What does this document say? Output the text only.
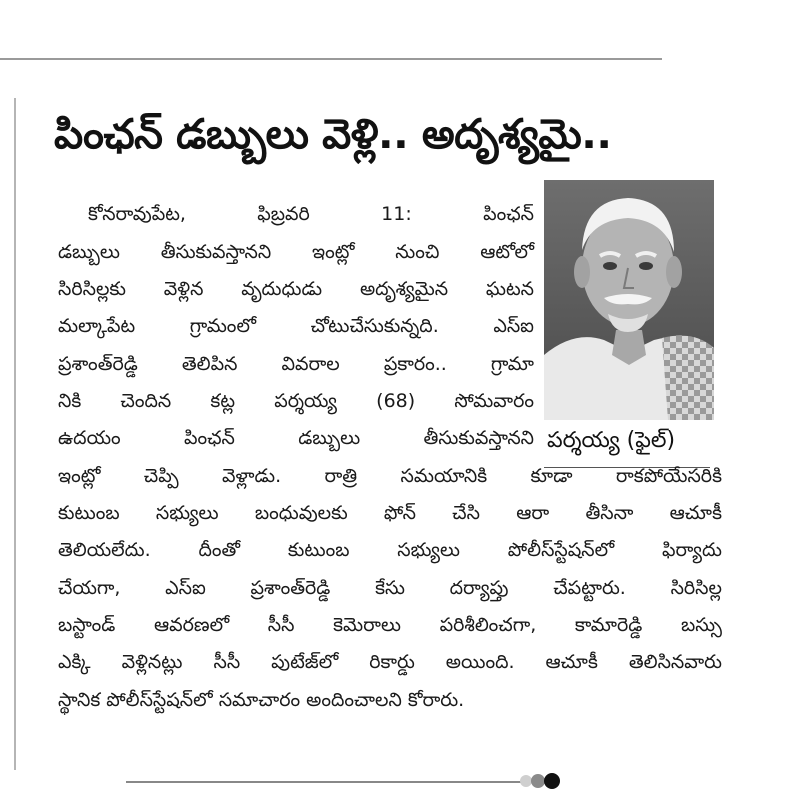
పింఛన్ డబ్బులు వెళ్లి.. అదృశ్యమై..
పర్శయ్య (ఫైల్)
కోనరావుపేట, ఫిబ్రవరి 11: పింఛన్
డబ్బులు తీసుకువస్తానని ఇంట్లో నుంచి ఆటోలో
సిరిసిల్లకు వెళ్లిన వృదుధుడు అదృశ్యమైన ఘటన
మల్కాపేట గ్రామంలో చోటుచేసుకున్నది. ఎస్ఐ
ప్రశాంత్‌రెడ్డి తెలిపిన వివరాల ప్రకారం.. గ్రామా
నికి చెందిన కట్ల పర్శయ్య (68) సోమవారం
ఉదయం పింఛన్ డబ్బులు తీసుకువస్తానని
ఇంట్లో చెప్పి వెళ్లాడు. రాత్రి సమయానికి కూడా రాకపోయేసరికి
కుటుంబ సభ్యులు బంధువులకు ఫోన్ చేసి ఆరా తీసినా ఆచూకీ
తెలియలేదు. దీంతో కుటుంబ సభ్యులు పోలీస్‌స్టేషన్‌లో ఫిర్యాదు
చేయగా, ఎస్ఐ ప్రశాంత్‌రెడ్డి కేసు దర్యాప్తు చేపట్టారు. సిరిసిల్ల
బస్టాండ్ ఆవరణలో సీసీ కెమెరాలు పరిశీలించగా, కామారెడ్డి బస్సు
ఎక్కి వెళ్లినట్లు సీసీ పుటేజ్‌లో రికార్డు అయింది. ఆచూకీ తెలిసినవారు
స్థానిక పోలీస్‌స్టేషన్‌లో సమాచారం అందించాలని కోరారు.
